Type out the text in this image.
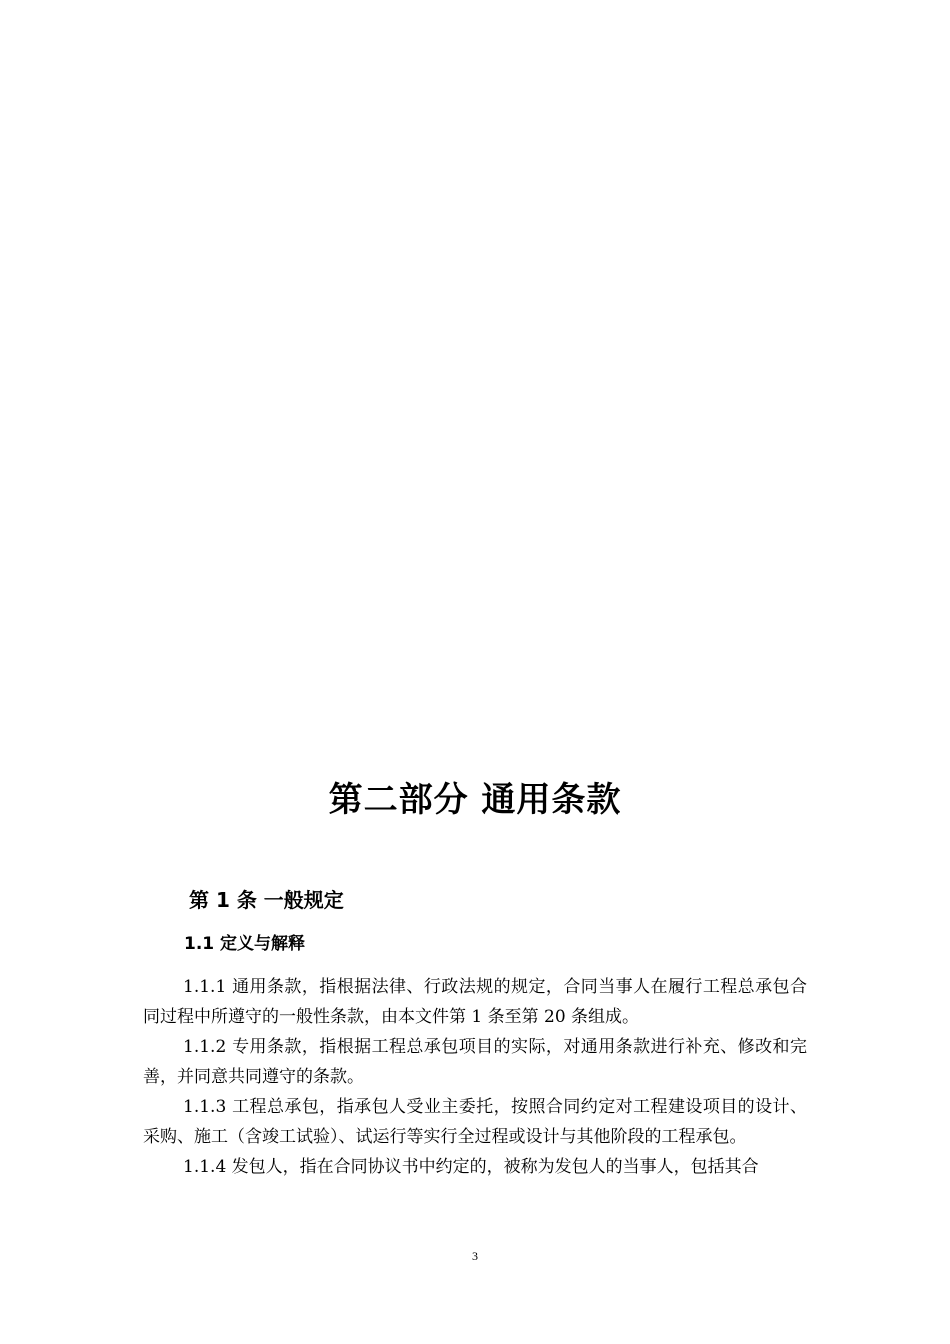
第二部分 通用条款
第 1 条 一般规定
1.1 定义与解释

1.1.1 通用条款，指根据法律、行政法规的规定，合同当事人在履行工程总承包合同过程中所遵守的一般性条款，由本文件第 1 条至第 20 条组成。

1.1.2 专用条款，指根据工程总承包项目的实际，对通用条款进行补充、修改和完善，并同意共同遵守的条款。

1.1.3 工程总承包，指承包人受业主委托，按照合同约定对工程建设项目的设计、采购、施工（含竣工试验）、试运行等实行全过程或设计与其他阶段的工程承包。

1.1.4 发包人，指在合同协议书中约定的，被称为发包人的当事人，包括其合

3
